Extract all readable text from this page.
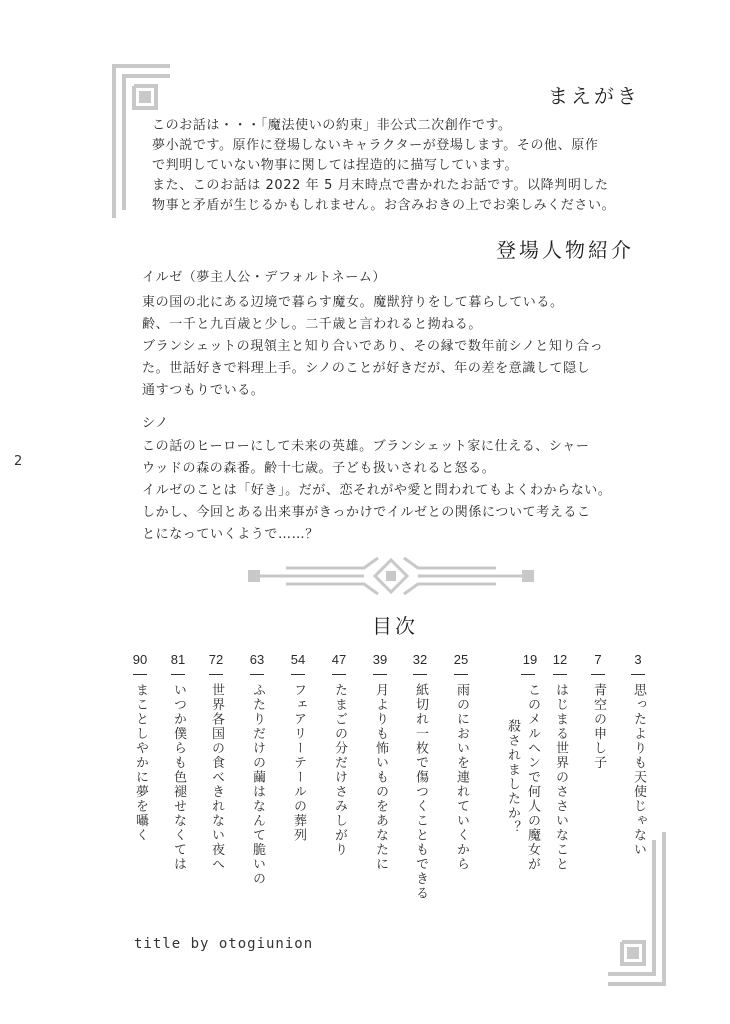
2
まえがき

このお話は・・・「魔法使いの約束」非公式二次創作です。

夢小説です。原作に登場しないキャラクターが登場します。その他、原作

で判明していない物事に関しては捏造的に描写しています。

また、このお話は 2022 年 5 月末時点で書かれたお話です。以降判明した

物事と矛盾が生じるかもしれません。お含みおきの上でお楽しみください。

登場人物紹介
イルゼ（夢主人公・デフォルトネーム）

東の国の北にある辺境で暮らす魔女。魔獣狩りをして暮らしている。

齢、一千と九百歳と少し。二千歳と言われると拗ねる。

ブランシェットの現領主と知り合いであり、その縁で数年前シノと知り合っ

た。世話好きで料理上手。シノのことが好きだが、年の差を意識して隠し

通すつもりでいる。

シノ

この話のヒーローにして未来の英雄。ブランシェット家に仕える、シャー

ウッドの森の森番。齢十七歳。子ども扱いされると怒る。

イルゼのことは「好き」。だが、恋それがや愛と問われてもよくわからない。

しかし、今回とある出来事がきっかけでイルゼとの関係について考えるこ

とになっていくようで……？

目次
3
思ったよりも天使じゃない
7
青空の申し子
12
はじまる世界のささいなこと
19
このメルヘンで何人の魔女が
殺されましたか？
25
雨のにおいを連れていくから
32
紙切れ一枚で傷つくこともできる
39
月よりも怖いものをあなたに
47
たまごの分だけさみしがり
54
フェアリーテールの葬列
63
ふたりだけの繭はなんて脆いの
72
世界各国の食べきれない夜へ
81
いつか僕らも色褪せなくては
90
まことしやかに夢を囁く
title by otogiunion
